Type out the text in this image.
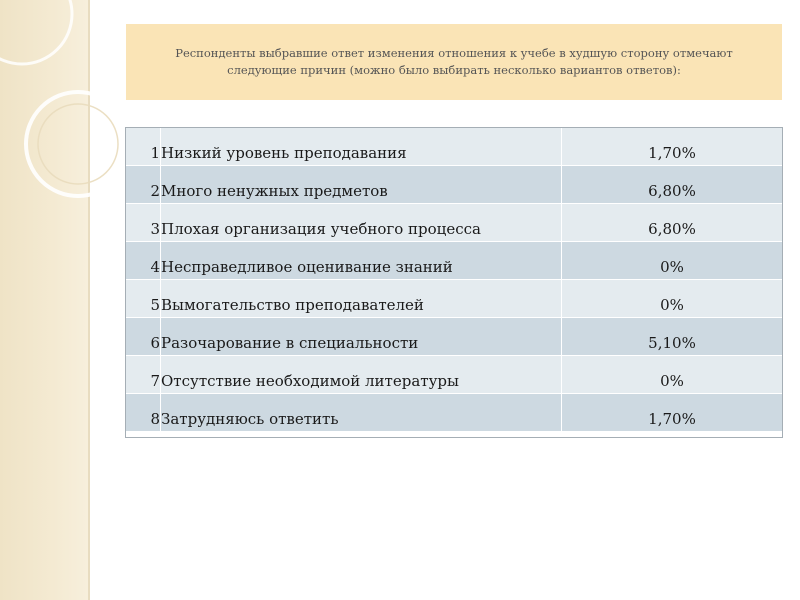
Респонденты выбравшие ответ изменения отношения к учебе в худшую сторону отмечают
следующие причин (можно было выбирать несколько вариантов ответов):

1	Низкий уровень преподавания	1,70%
2	Много ненужных предметов	6,80%
3	Плохая организация учебного процесса	6,80%
4	Несправедливое оценивание знаний	0%
5	Вымогательство преподавателей	0%
6	Разочарование в специальности	5,10%
7	Отсутствие необходимой литературы	0%
8	Затрудняюсь ответить	1,70%
